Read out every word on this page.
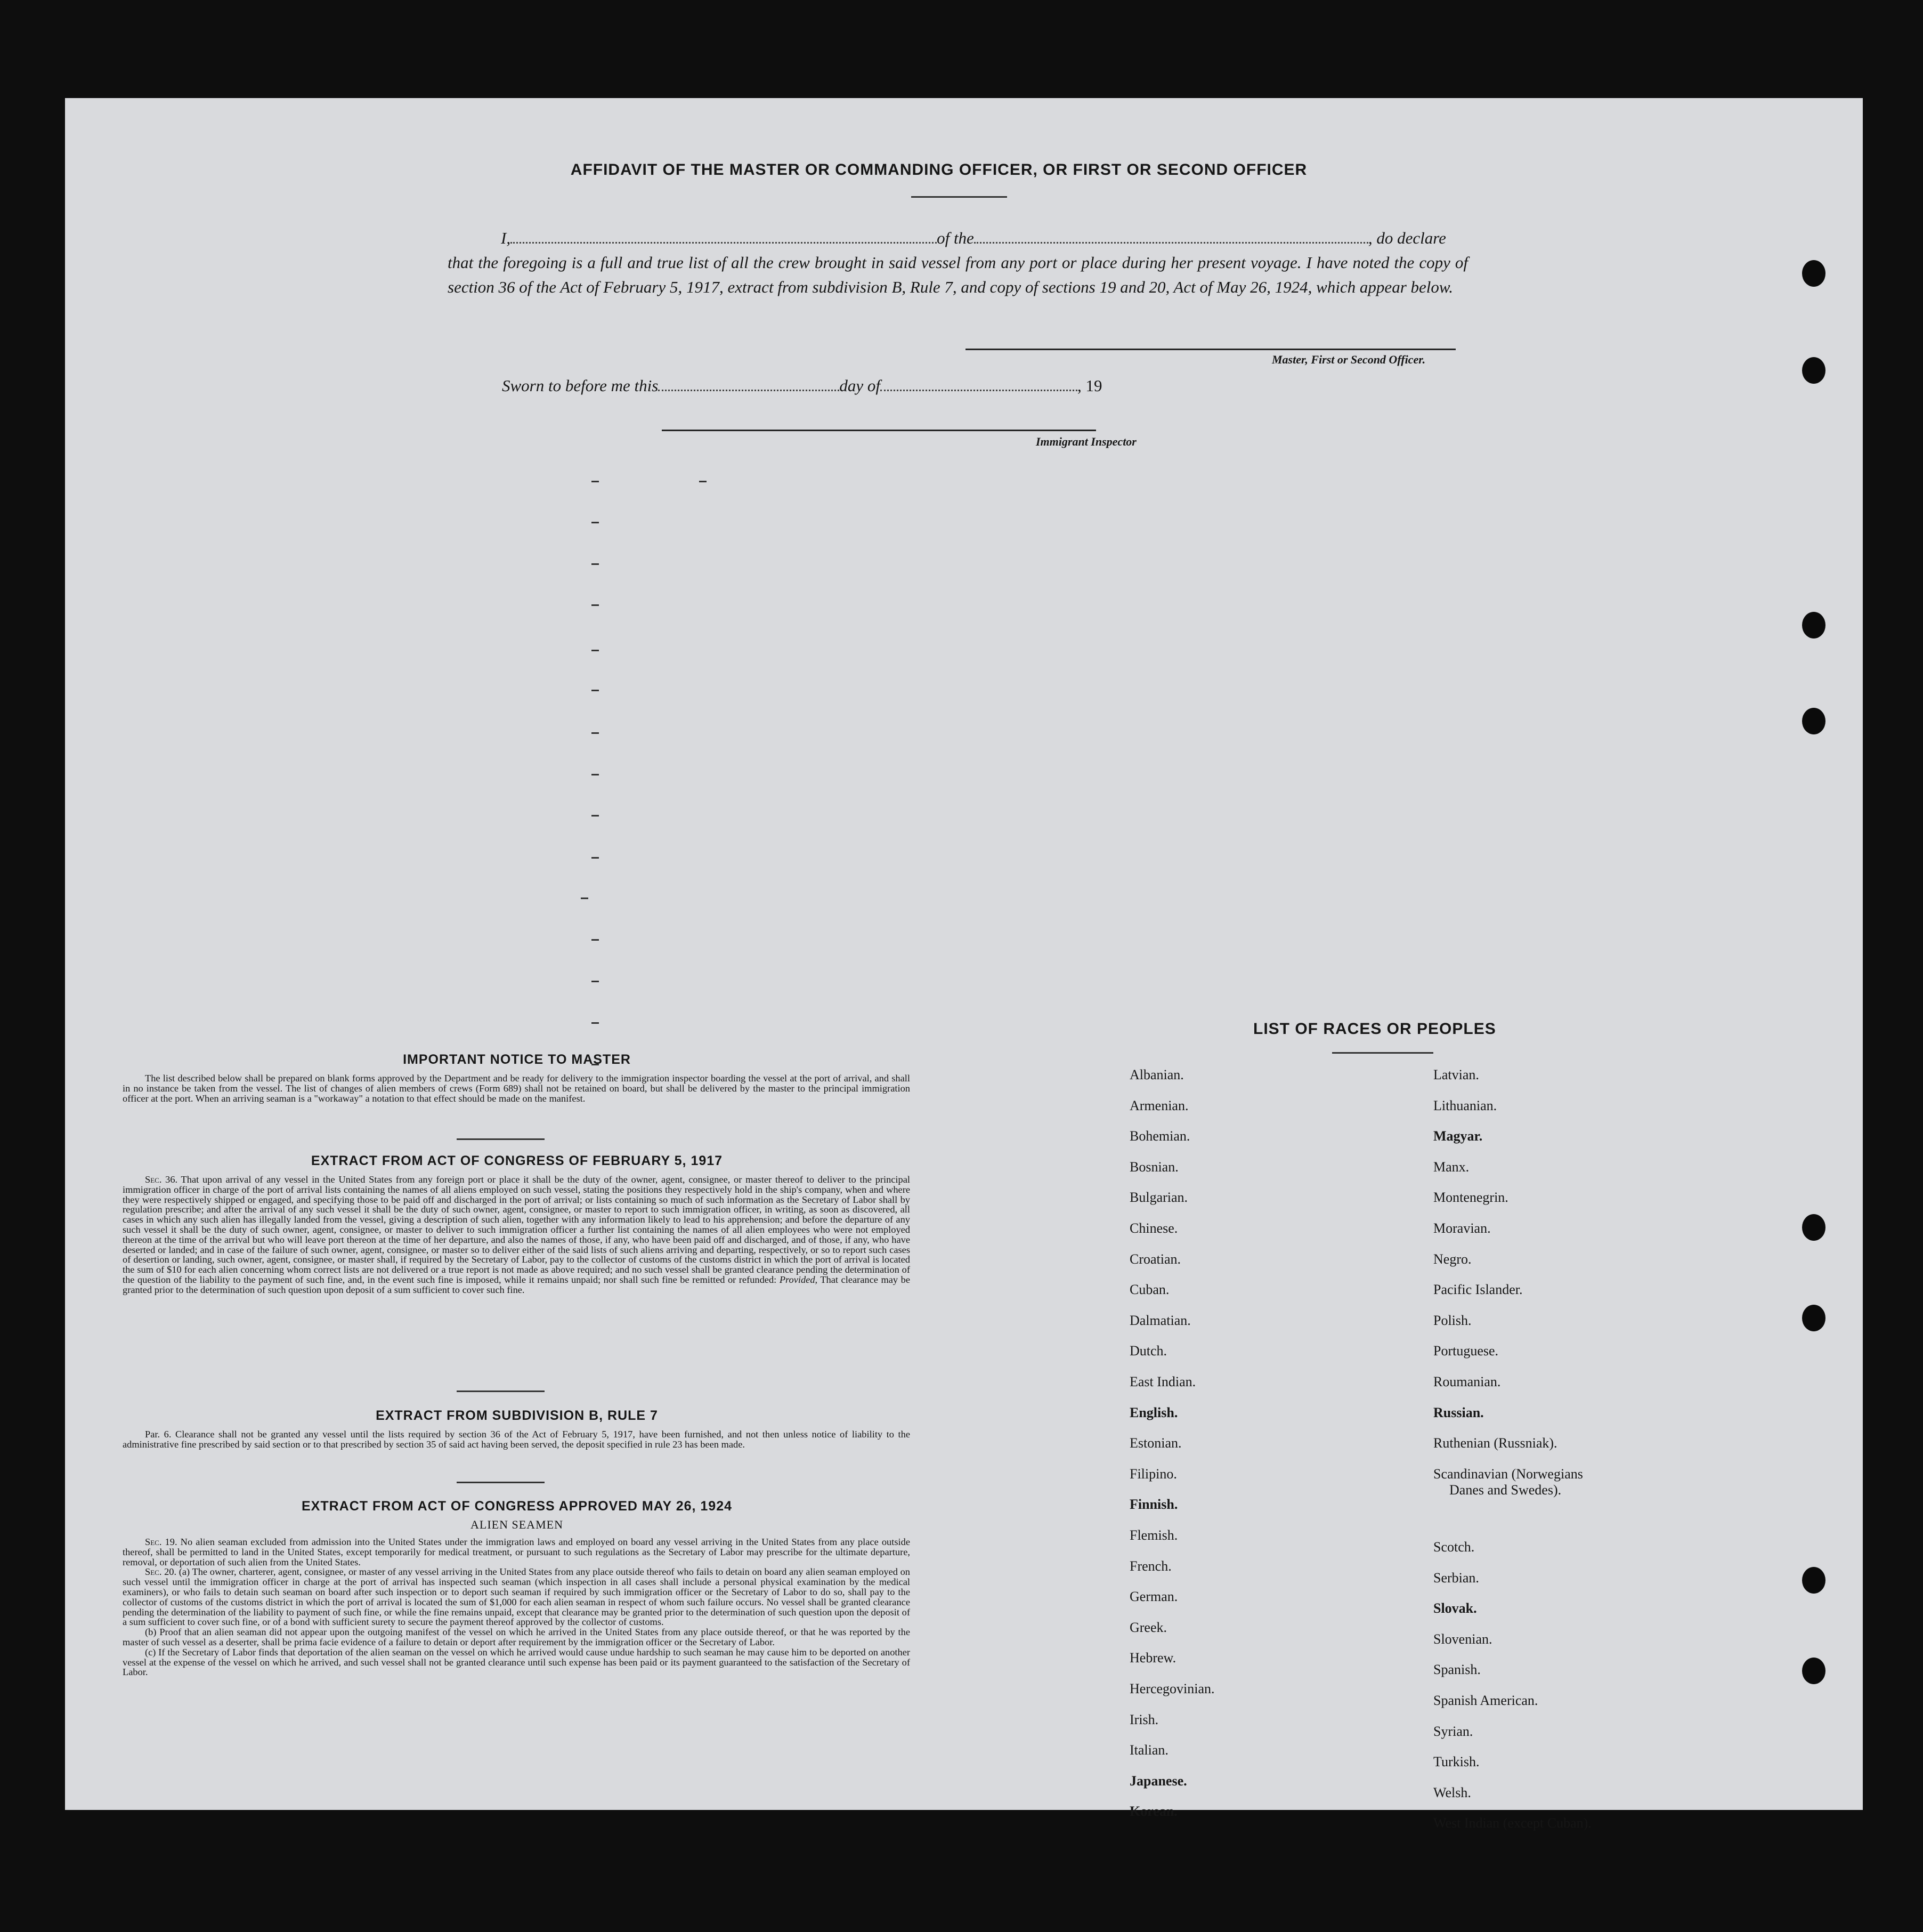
AFFIDAVIT OF THE MASTER OR COMMANDING OFFICER, OR FIRST OR SECOND OFFICER
I,	of the	, do declare
that the foregoing is a full and true list of all the crew brought in said vessel from any port or place during her present voyage. I have noted the copy of section 36 of the Act of February 5, 1917, extract from subdivision B, Rule 7, and copy of sections 19 and 20, Act of May 26, 1924, which appear below.
Master, First or Second Officer.
Sworn to before me this	day of	, 19
Immigrant Inspector
IMPORTANT NOTICE TO MASTER

The list described below shall be prepared on blank forms approved by the Department and be ready for delivery to the immigration inspector boarding the vessel at the port of arrival, and shall in no instance be taken from the vessel. The list of changes of alien members of crews (Form 689) shall not be retained on board, but shall be delivered by the master to the principal immigration officer at the port. When an arriving seaman is a "workaway" a notation to that effect should be made on the manifest.

EXTRACT FROM ACT OF CONGRESS OF FEBRUARY 5, 1917

Sec. 36. That upon arrival of any vessel in the United States from any foreign port or place it shall be the duty of the owner, agent, consignee, or master thereof to deliver to the principal immigration officer in charge of the port of arrival lists containing the names of all aliens employed on such vessel, stating the positions they respectively hold in the ship's company, when and where they were respectively shipped or engaged, and specifying those to be paid off and discharged in the port of arrival; or lists containing so much of such information as the Secretary of Labor shall by regulation prescribe; and after the arrival of any such vessel it shall be the duty of such owner, agent, consignee, or master to report to such immigration officer, in writing, as soon as discovered, all cases in which any such alien has illegally landed from the vessel, giving a description of such alien, together with any information likely to lead to his apprehension; and before the departure of any such vessel it shall be the duty of such owner, agent, consignee, or master to deliver to such immigration officer a further list containing the names of all alien employees who were not employed thereon at the time of the arrival but who will leave port thereon at the time of her departure, and also the names of those, if any, who have been paid off and discharged, and of those, if any, who have deserted or landed; and in case of the failure of such owner, agent, consignee, or master so to deliver either of the said lists of such aliens arriving and departing, respectively, or so to report such cases of desertion or landing, such owner, agent, consignee, or master shall, if required by the Secretary of Labor, pay to the collector of customs of the customs district in which the port of arrival is located the sum of $10 for each alien concerning whom correct lists are not delivered or a true report is not made as above required; and no such vessel shall be granted clearance pending the determination of the question of the liability to the payment of such fine, and, in the event such fine is imposed, while it remains unpaid; nor shall such fine be remitted or refunded: Provided, That clearance may be granted prior to the determination of such question upon deposit of a sum sufficient to cover such fine.

EXTRACT FROM SUBDIVISION B, RULE 7

Par. 6. Clearance shall not be granted any vessel until the lists required by section 36 of the Act of February 5, 1917, have been furnished, and not then unless notice of liability to the administrative fine prescribed by said section or to that prescribed by section 35 of said act having been served, the deposit specified in rule 23 has been made.

EXTRACT FROM ACT OF CONGRESS APPROVED MAY 26, 1924
ALIEN SEAMEN

Sec. 19. No alien seaman excluded from admission into the United States under the immigration laws and employed on board any vessel arriving in the United States from any place outside thereof, shall be permitted to land in the United States, except temporarily for medical treatment, or pursuant to such regulations as the Secretary of Labor may prescribe for the ultimate departure, removal, or deportation of such alien from the United States.

Sec. 20. (a) The owner, charterer, agent, consignee, or master of any vessel arriving in the United States from any place outside thereof who fails to detain on board any alien seaman employed on such vessel until the immigration officer in charge at the port of arrival has inspected such seaman (which inspection in all cases shall include a personal physical examination by the medical examiners), or who fails to detain such seaman on board after such inspection or to deport such seaman if required by such immigration officer or the Secretary of Labor to do so, shall pay to the collector of customs of the customs district in which the port of arrival is located the sum of $1,000 for each alien seaman in respect of whom such failure occurs. No vessel shall be granted clearance pending the determination of the liability to payment of such fine, or while the fine remains unpaid, except that clearance may be granted prior to the determination of such question upon the deposit of a sum sufficient to cover such fine, or of a bond with sufficient surety to secure the payment thereof approved by the collector of customs.

(b) Proof that an alien seaman did not appear upon the outgoing manifest of the vessel on which he arrived in the United States from any place outside thereof, or that he was reported by the master of such vessel as a deserter, shall be prima facie evidence of a failure to detain or deport after requirement by the immigration officer or the Secretary of Labor.

(c) If the Secretary of Labor finds that deportation of the alien seaman on the vessel on which he arrived would cause undue hardship to such seaman he may cause him to be deported on another vessel at the expense of the vessel on which he arrived, and such vessel shall not be granted clearance until such expense has been paid or its payment guaranteed to the satisfaction of the Secretary of Labor.

LIST OF RACES OR PEOPLES
Albanian.
Armenian.
Bohemian.
Bosnian.
Bulgarian.
Chinese.
Croatian.
Cuban.
Dalmatian.
Dutch.
East Indian.
English.
Estonian.
Filipino.
Finnish.
Flemish.
French.
German.
Greek.
Hebrew.
Hercegovinian.
Irish.
Italian.
Japanese.
Korean.
Latvian.
Lithuanian.
Magyar.
Manx.
Montenegrin.
Moravian.
Negro.
Pacific Islander.
Polish.
Portuguese.
Roumanian.
Russian.
Ruthenian (Russniak).
Scandinavian (Norwegians
Danes and Swedes).
Scotch.
Serbian.
Slovak.
Slovenian.
Spanish.
Spanish American.
Syrian.
Turkish.
Welsh.
West Indian (except Cuban).
